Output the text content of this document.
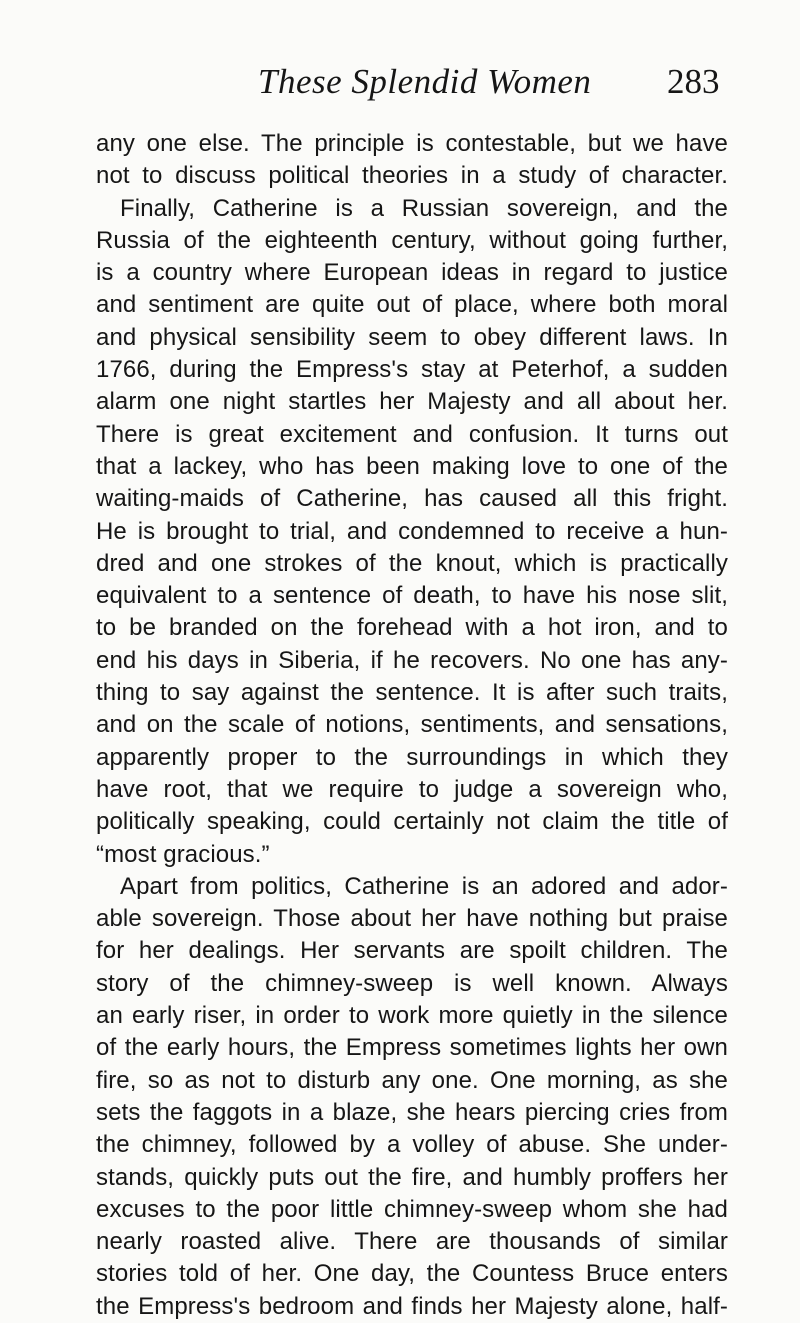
These Splendid Women 283
any one else. The principle is contestable, but we have
not to discuss political theories in a study of character.
Finally, Catherine is a Russian sovereign, and the
Russia of the eighteenth century, without going further,
is a country where European ideas in regard to justice
and sentiment are quite out of place, where both moral
and physical sensibility seem to obey different laws. In
1766, during the Empress's stay at Peterhof, a sudden
alarm one night startles her Majesty and all about her.
There is great excitement and confusion. It turns out
that a lackey, who has been making love to one of the
waiting-maids of Catherine, has caused all this fright.
He is brought to trial, and condemned to receive a hun-
dred and one strokes of the knout, which is practically
equivalent to a sentence of death, to have his nose slit,
to be branded on the forehead with a hot iron, and to
end his days in Siberia, if he recovers. No one has any-
thing to say against the sentence. It is after such traits,
and on the scale of notions, sentiments, and sensations,
apparently proper to the surroundings in which they
have root, that we require to judge a sovereign who,
politically speaking, could certainly not claim the title of
“most gracious.”
Apart from politics, Catherine is an adored and ador-
able sovereign. Those about her have nothing but praise
for her dealings. Her servants are spoilt children. The
story of the chimney-sweep is well known. Always
an early riser, in order to work more quietly in the silence
of the early hours, the Empress sometimes lights her own
fire, so as not to disturb any one. One morning, as she
sets the faggots in a blaze, she hears piercing cries from
the chimney, followed by a volley of abuse. She under-
stands, quickly puts out the fire, and humbly proffers her
excuses to the poor little chimney-sweep whom she had
nearly roasted alive. There are thousands of similar
stories told of her. One day, the Countess Bruce enters
the Empress's bedroom and finds her Majesty alone, half-
